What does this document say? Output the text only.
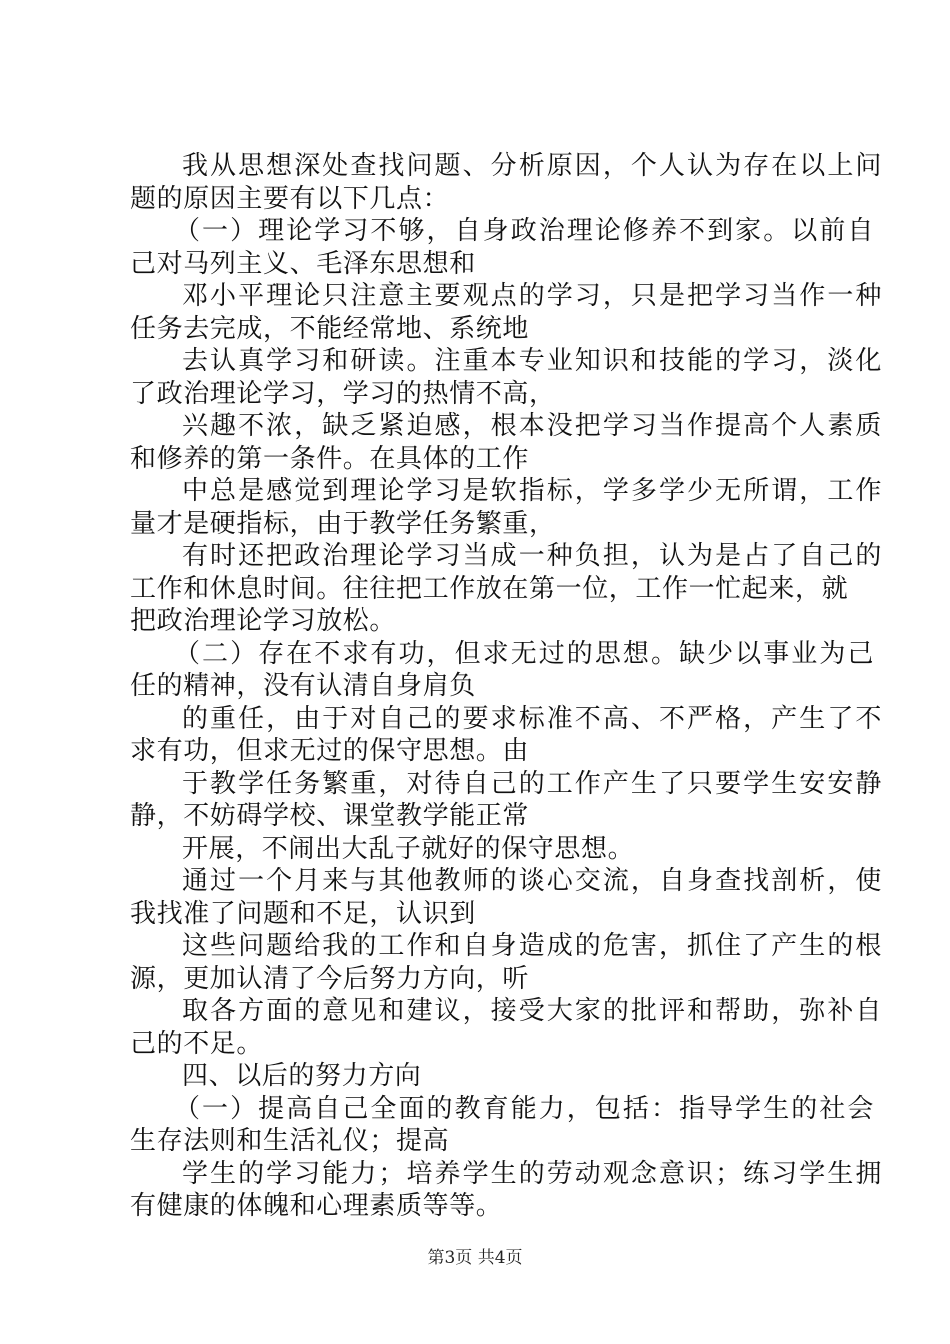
我从思想深处查找问题、分析原因，个人认为存在以上问
题的原因主要有以下几点：
（一）理论学习不够，自身政治理论修养不到家。以前自
己对马列主义、毛泽东思想和
邓小平理论只注意主要观点的学习，只是把学习当作一种
任务去完成，不能经常地、系统地
去认真学习和研读。注重本专业知识和技能的学习，淡化
了政治理论学习，学习的热情不高，
兴趣不浓，缺乏紧迫感，根本没把学习当作提高个人素质
和修养的第一条件。在具体的工作
中总是感觉到理论学习是软指标，学多学少无所谓，工作
量才是硬指标，由于教学任务繁重，
有时还把政治理论学习当成一种负担，认为是占了自己的
工作和休息时间。往往把工作放在第一位，工作一忙起来，就
把政治理论学习放松。
（二）存在不求有功，但求无过的思想。缺少以事业为己
任的精神，没有认清自身肩负
的重任，由于对自己的要求标准不高、不严格，产生了不
求有功，但求无过的保守思想。由
于教学任务繁重，对待自己的工作产生了只要学生安安静
静，不妨碍学校、课堂教学能正常
开展，不闹出大乱子就好的保守思想。
通过一个月来与其他教师的谈心交流，自身查找剖析，使
我找准了问题和不足，认识到
这些问题给我的工作和自身造成的危害，抓住了产生的根
源，更加认清了今后努力方向，听
取各方面的意见和建议，接受大家的批评和帮助，弥补自
己的不足。
四、以后的努力方向
（一）提高自己全面的教育能力，包括：指导学生的社会
生存法则和生活礼仪；提高
学生的学习能力；培养学生的劳动观念意识；练习学生拥
有健康的体魄和心理素质等等。
第3页 共4页
